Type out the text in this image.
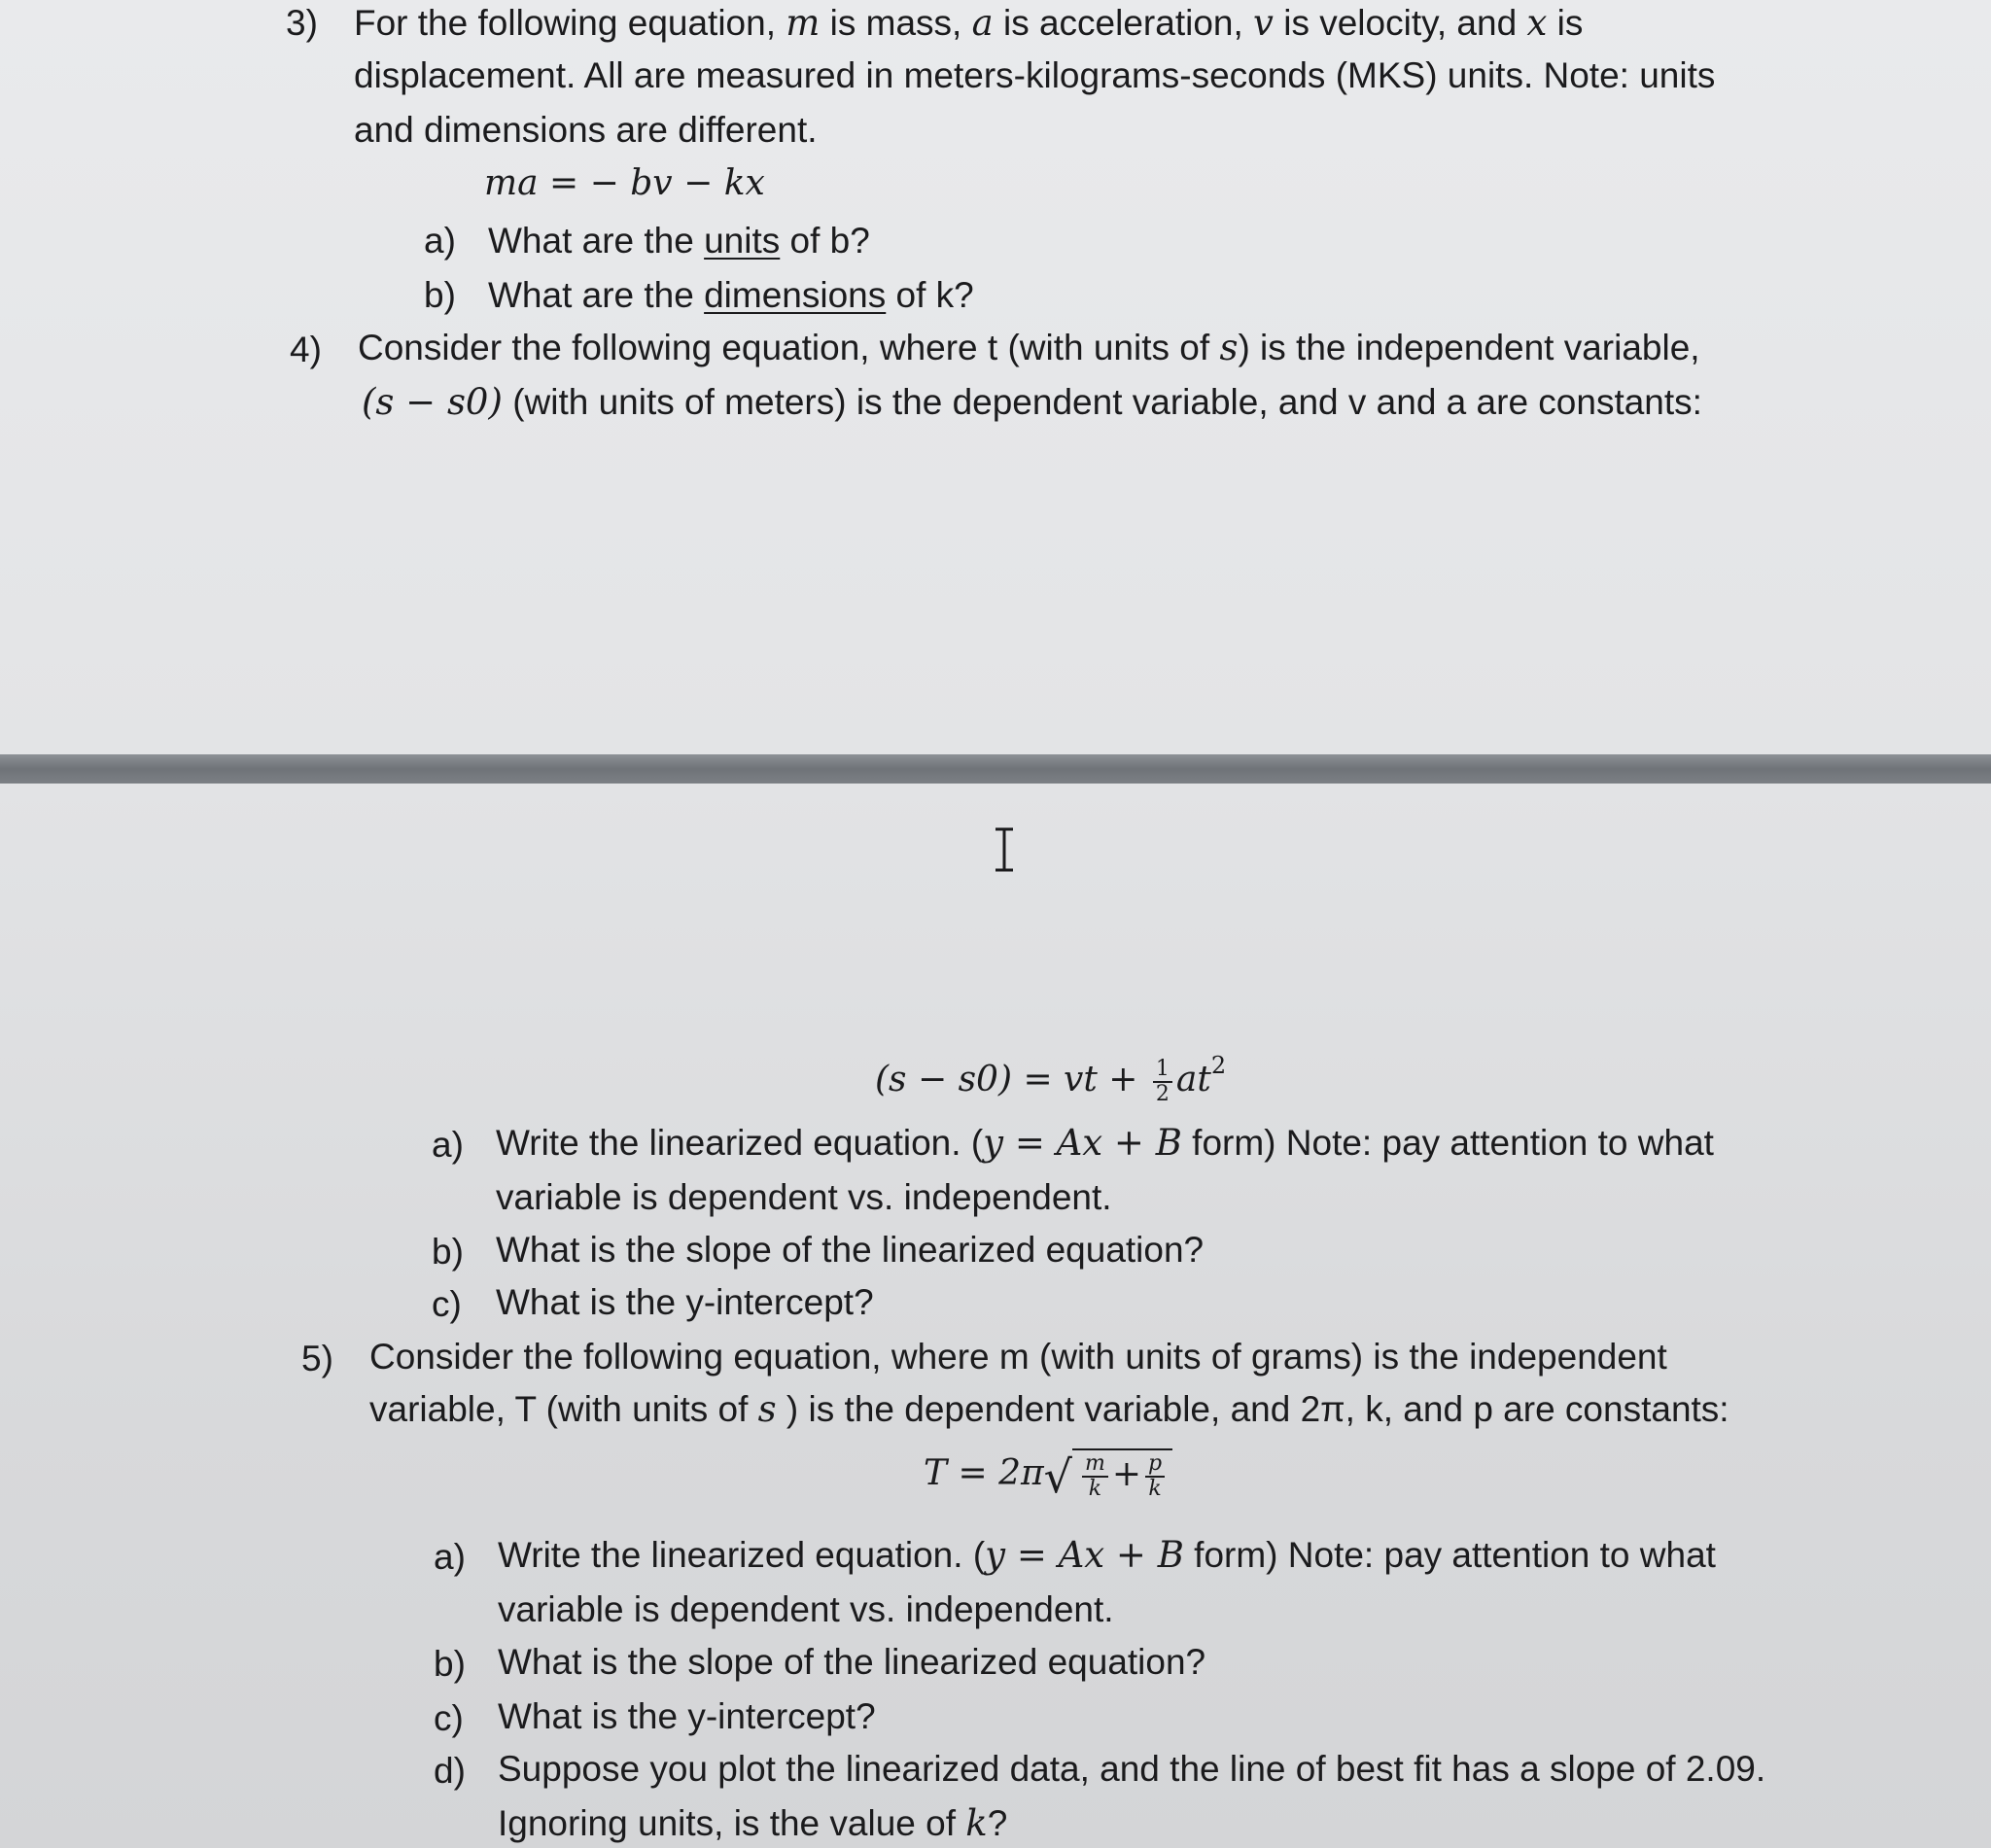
3) For the following equation, m is mass, a is acceleration, v is velocity, and x is
displacement. All are measured in meters-kilograms-seconds (MKS) units. Note: units
and dimensions are different.
ma = − bv − kx
a) What are the units of b?
b) What are the dimensions of k?
4) Consider the following equation, where t (with units of s) is the independent variable,
(s − s0) (with units of meters) is the dependent variable, and v and a are constants:
(s − s0) = vt + $\frac{1}{2} at^2$
a) Write the linearized equation. (y = Ax + B form) Note: pay attention to what
variable is dependent vs. independent.
b) What is the slope of the linearized equation?
c) What is the y-intercept?
5) Consider the following equation, where m (with units of grams) is the independent
variable, T (with units of s ) is the dependent variable, and 2π, k, and p are constants:
$T = 2\pi√ \frac{m}{k} + \frac{p}{k}$
a) Write the linearized equation. (y = Ax + B form) Note: pay attention to what
variable is dependent vs. independent.
b) What is the slope of the linearized equation?
c) What is the y-intercept?
d) Suppose you plot the linearized data, and the line of best fit has a slope of 2.09.
Ignoring units, is the value of k?
